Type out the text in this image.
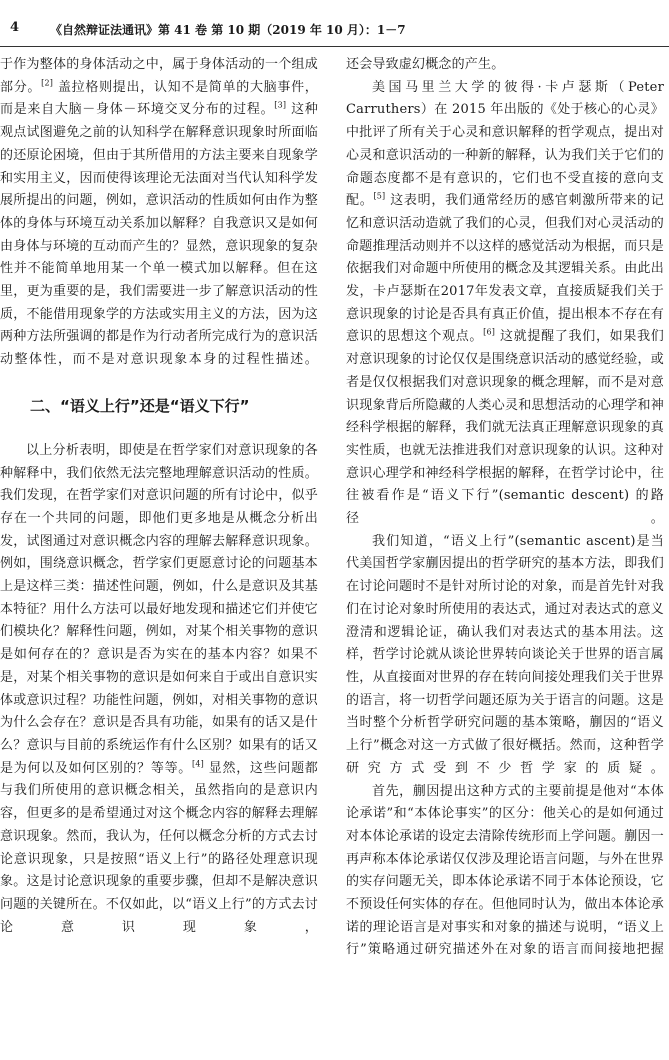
4	《自然辩证法通讯》第 41 卷 第 10 期（2019 年 10 月）：1－7

于作为整体的身体活动之中，属于身体活动的一个组成部分。[2] 盖拉格则提出，认知不是简单的大脑事件，而是来自大脑－身体－环境交叉分布的过程。[3] 这种观点试图避免之前的认知科学在解释意识现象时所面临的还原论困境，但由于其所借用的方法主要来自现象学和实用主义，因而使得该理论无法面对当代认知科学发展所提出的问题，例如，意识活动的性质如何由作为整体的身体与环境互动关系加以解释？自我意识又是如何由身体与环境的互动而产生的？显然，意识现象的复杂性并不能简单地用某一个单一模式加以解释。但在这里，更为重要的是，我们需要进一步了解意识活动的性质，不能借用现象学的方法或实用主义的方法，因为这两种方法所强调的都是作为行动者所完成行为的意识活动整体性，而不是对意识现象本身的过程性描述。

二、“语义上行”还是“语义下行”

以上分析表明，即使是在哲学家们对意识现象的各种解释中，我们依然无法完整地理解意识活动的性质。我们发现，在哲学家们对意识问题的所有讨论中，似乎存在一个共同的问题，即他们更多地是从概念分析出发，试图通过对意识概念内容的理解去解释意识现象。例如，围绕意识概念，哲学家们更愿意讨论的问题基本上是这样三类：描述性问题，例如，什么是意识及其基本特征？用什么方法可以最好地发现和描述它们并使它们模块化？解释性问题，例如，对某个相关事物的意识是如何存在的？意识是否为实在的基本内容？如果不是，对某个相关事物的意识是如何来自于或出自意识实体或意识过程？功能性问题，例如，对相关事物的意识为什么会存在？意识是否具有功能，如果有的话又是什么？意识与目前的系统运作有什么区别？如果有的话又是为何以及如何区别的？等等。[4] 显然，这些问题都与我们所使用的意识概念相关，虽然指向的是意识内容，但更多的是希望通过对这个概念内容的解释去理解意识现象。然而，我认为，任何以概念分析的方式去讨论意识现象，只是按照“语义上行”的路径处理意识现象。这是讨论意识现象的重要步骤，但却不是解决意识问题的关键所在。不仅如此，以“语义上行”的方式去讨论意识现象，

还会导致虚幻概念的产生。

美国马里兰大学的彼得·卡卢瑟斯（Peter Carruthers）在 2015 年出版的《处于核心的心灵》中批评了所有关于心灵和意识解释的哲学观点，提出对心灵和意识活动的一种新的解释，认为我们关于它们的命题态度都不是有意识的，它们也不受直接的意向支配。[5] 这表明，我们通常经历的感官刺激所带来的记忆和意识活动造就了我们的心灵，但我们对心灵活动的命题推理活动则并不以这样的感觉活动为根据，而只是依据我们对命题中所使用的概念及其逻辑关系。由此出发，卡卢瑟斯在2017年发表文章，直接质疑我们关于意识现象的讨论是否具有真正价值，提出根本不存在有意识的思想这个观点。[6] 这就提醒了我们，如果我们对意识现象的讨论仅仅是围绕意识活动的感觉经验，或者是仅仅根据我们对意识现象的概念理解，而不是对意识现象背后所隐藏的人类心灵和思想活动的心理学和神经科学根据的解释，我们就无法真正理解意识现象的真实性质，也就无法推进我们对意识现象的认识。这种对意识心理学和神经科学根据的解释，在哲学讨论中，往往被看作是“语义下行”(semantic descent) 的路径。

我们知道，“语义上行”(semantic ascent)是当代美国哲学家蒯因提出的哲学研究的基本方法，即我们在讨论问题时不是针对所讨论的对象，而是首先针对我们在讨论对象时所使用的表达式，通过对表达式的意义澄清和逻辑论证，确认我们对表达式的基本用法。这样，哲学讨论就从谈论世界转向谈论关于世界的语言属性，从直接面对世界的存在转向间接处理我们关于世界的语言，将一切哲学问题还原为关于语言的问题。这是当时整个分析哲学研究问题的基本策略，蒯因的“语义上行”概念对这一方式做了很好概括。然而，这种哲学研究方式受到不少哲学家的质疑。

首先，蒯因提出这种方式的主要前提是他对“本体论承诺”和“本体论事实”的区分：他关心的是如何通过对本体论承诺的设定去清除传统形而上学问题。蒯因一再声称本体论承诺仅仅涉及理论语言问题，与外在世界的实存问题无关，即本体论承诺不同于本体论预设，它不预设任何实体的存在。但他同时认为，做出本体论承诺的理论语言是对事实和对象的描述与说明，“语义上行”策略通过研究描述外在对象的语言而间接地把握
